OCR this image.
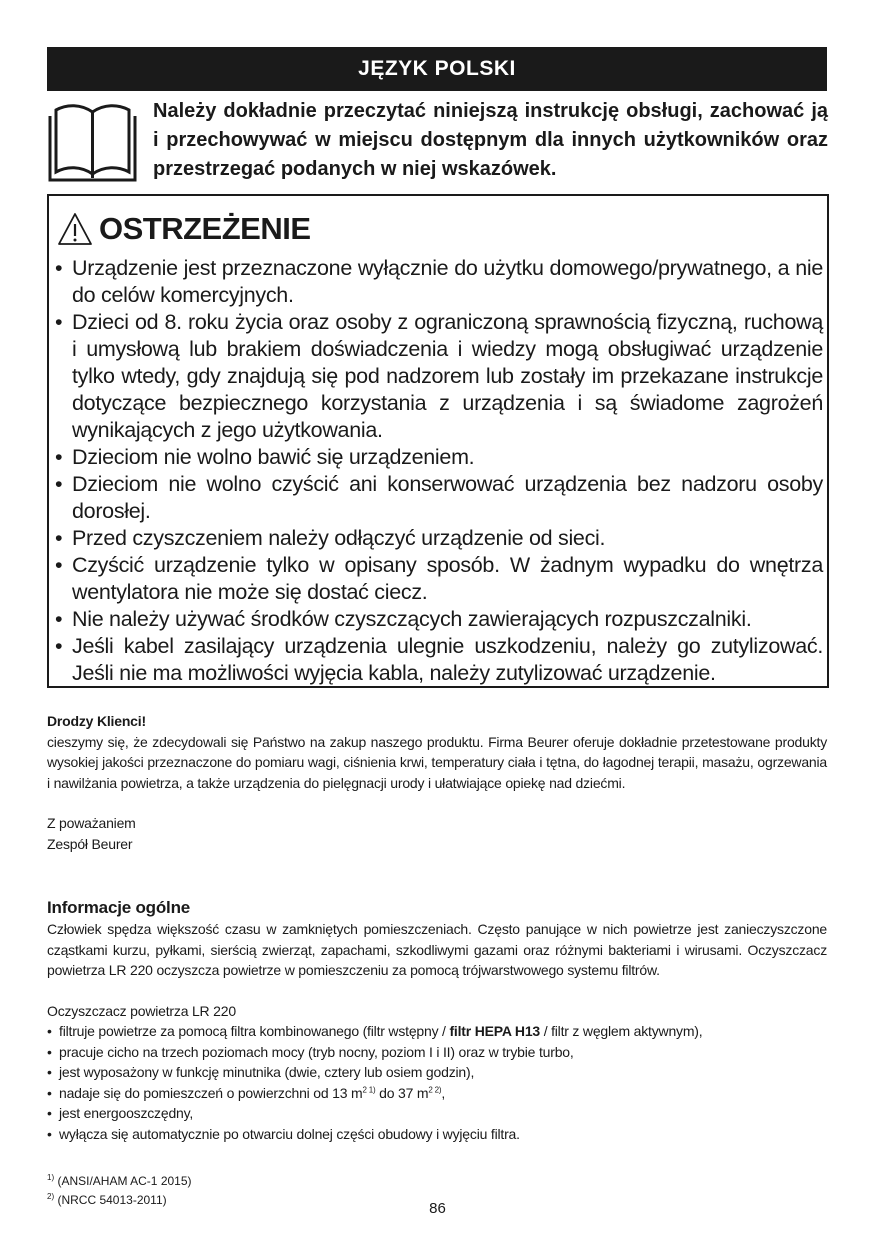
JĘZYK POLSKI
Należy dokładnie przeczytać niniejszą instrukcję obsługi, zachować ją i przechowywać w miejscu dostępnym dla innych użytkowników oraz przestrzegać podanych w niej wskazówek.
OSTRZEŻENIE
• Urządzenie jest przeznaczone wyłącznie do użytku domowego/prywatnego, a nie do celów komercyjnych.
• Dzieci od 8. roku życia oraz osoby z ograniczoną sprawnością fizyczną, ruchową i umysłową lub brakiem doświadczenia i wiedzy mogą obsługiwać urządzenie tylko wtedy, gdy znajdują się pod nadzorem lub zostały im przekazane instrukcje dotyczące bezpiecznego korzystania z urządzenia i są świadome zagrożeń wynikających z jego użytkowania.
• Dzieciom nie wolno bawić się urządzeniem.
• Dzieciom nie wolno czyścić ani konserwować urządzenia bez nadzoru osoby dorosłej.
• Przed czyszczeniem należy odłączyć urządzenie od sieci.
• Czyścić urządzenie tylko w opisany sposób. W żadnym wypadku do wnętrza wentylatora nie może się dostać ciecz.
• Nie należy używać środków czyszczących zawierających rozpuszczalniki.
• Jeśli kabel zasilający urządzenia ulegnie uszkodzeniu, należy go zutylizować. Jeśli nie ma możliwości wyjęcia kabla, należy zutylizować urządzenie.
Drodzy Klienci!
cieszymy się, że zdecydowali się Państwo na zakup naszego produktu. Firma Beurer oferuje dokładnie przetestowane produkty wysokiej jakości przeznaczone do pomiaru wagi, ciśnienia krwi, temperatury ciała i tętna, do łagodnej terapii, masażu, ogrzewania i nawilżania powietrza, a także urządzenia do pielęgnacji urody i ułatwiające opiekę nad dziećmi.
Z poważaniem
Zespół Beurer
Informacje ogólne
Człowiek spędza większość czasu w zamkniętych pomieszczeniach. Często panujące w nich powietrze jest zanieczyszczone cząstkami kurzu, pyłkami, sierścią zwierząt, zapachami, szkodliwymi gazami oraz różnymi bakteriami i wirusami. Oczyszczacz powietrza LR 220 oczyszcza powietrze w pomieszczeniu za pomocą trójwarstwowego systemu filtrów.
Oczyszczacz powietrza LR 220
• filtruje powietrze za pomocą filtra kombinowanego (filtr wstępny / filtr HEPA H13 / filtr z węglem aktywnym),
• pracuje cicho na trzech poziomach mocy (tryb nocny, poziom I i II) oraz w trybie turbo,
• jest wyposażony w funkcję minutnika (dwie, cztery lub osiem godzin),
• nadaje się do pomieszczeń o powierzchni od 13 $m^{2 1)}$ do 37 $m^{2 2)}$,
• jest energooszczędny,
• wyłącza się automatycznie po otwarciu dolnej części obudowy i wyjęciu filtra.
$^{1)}$ (ANSI/AHAM AC-1 2015)
$^{2)}$ (NRCC 54013-2011)	86
